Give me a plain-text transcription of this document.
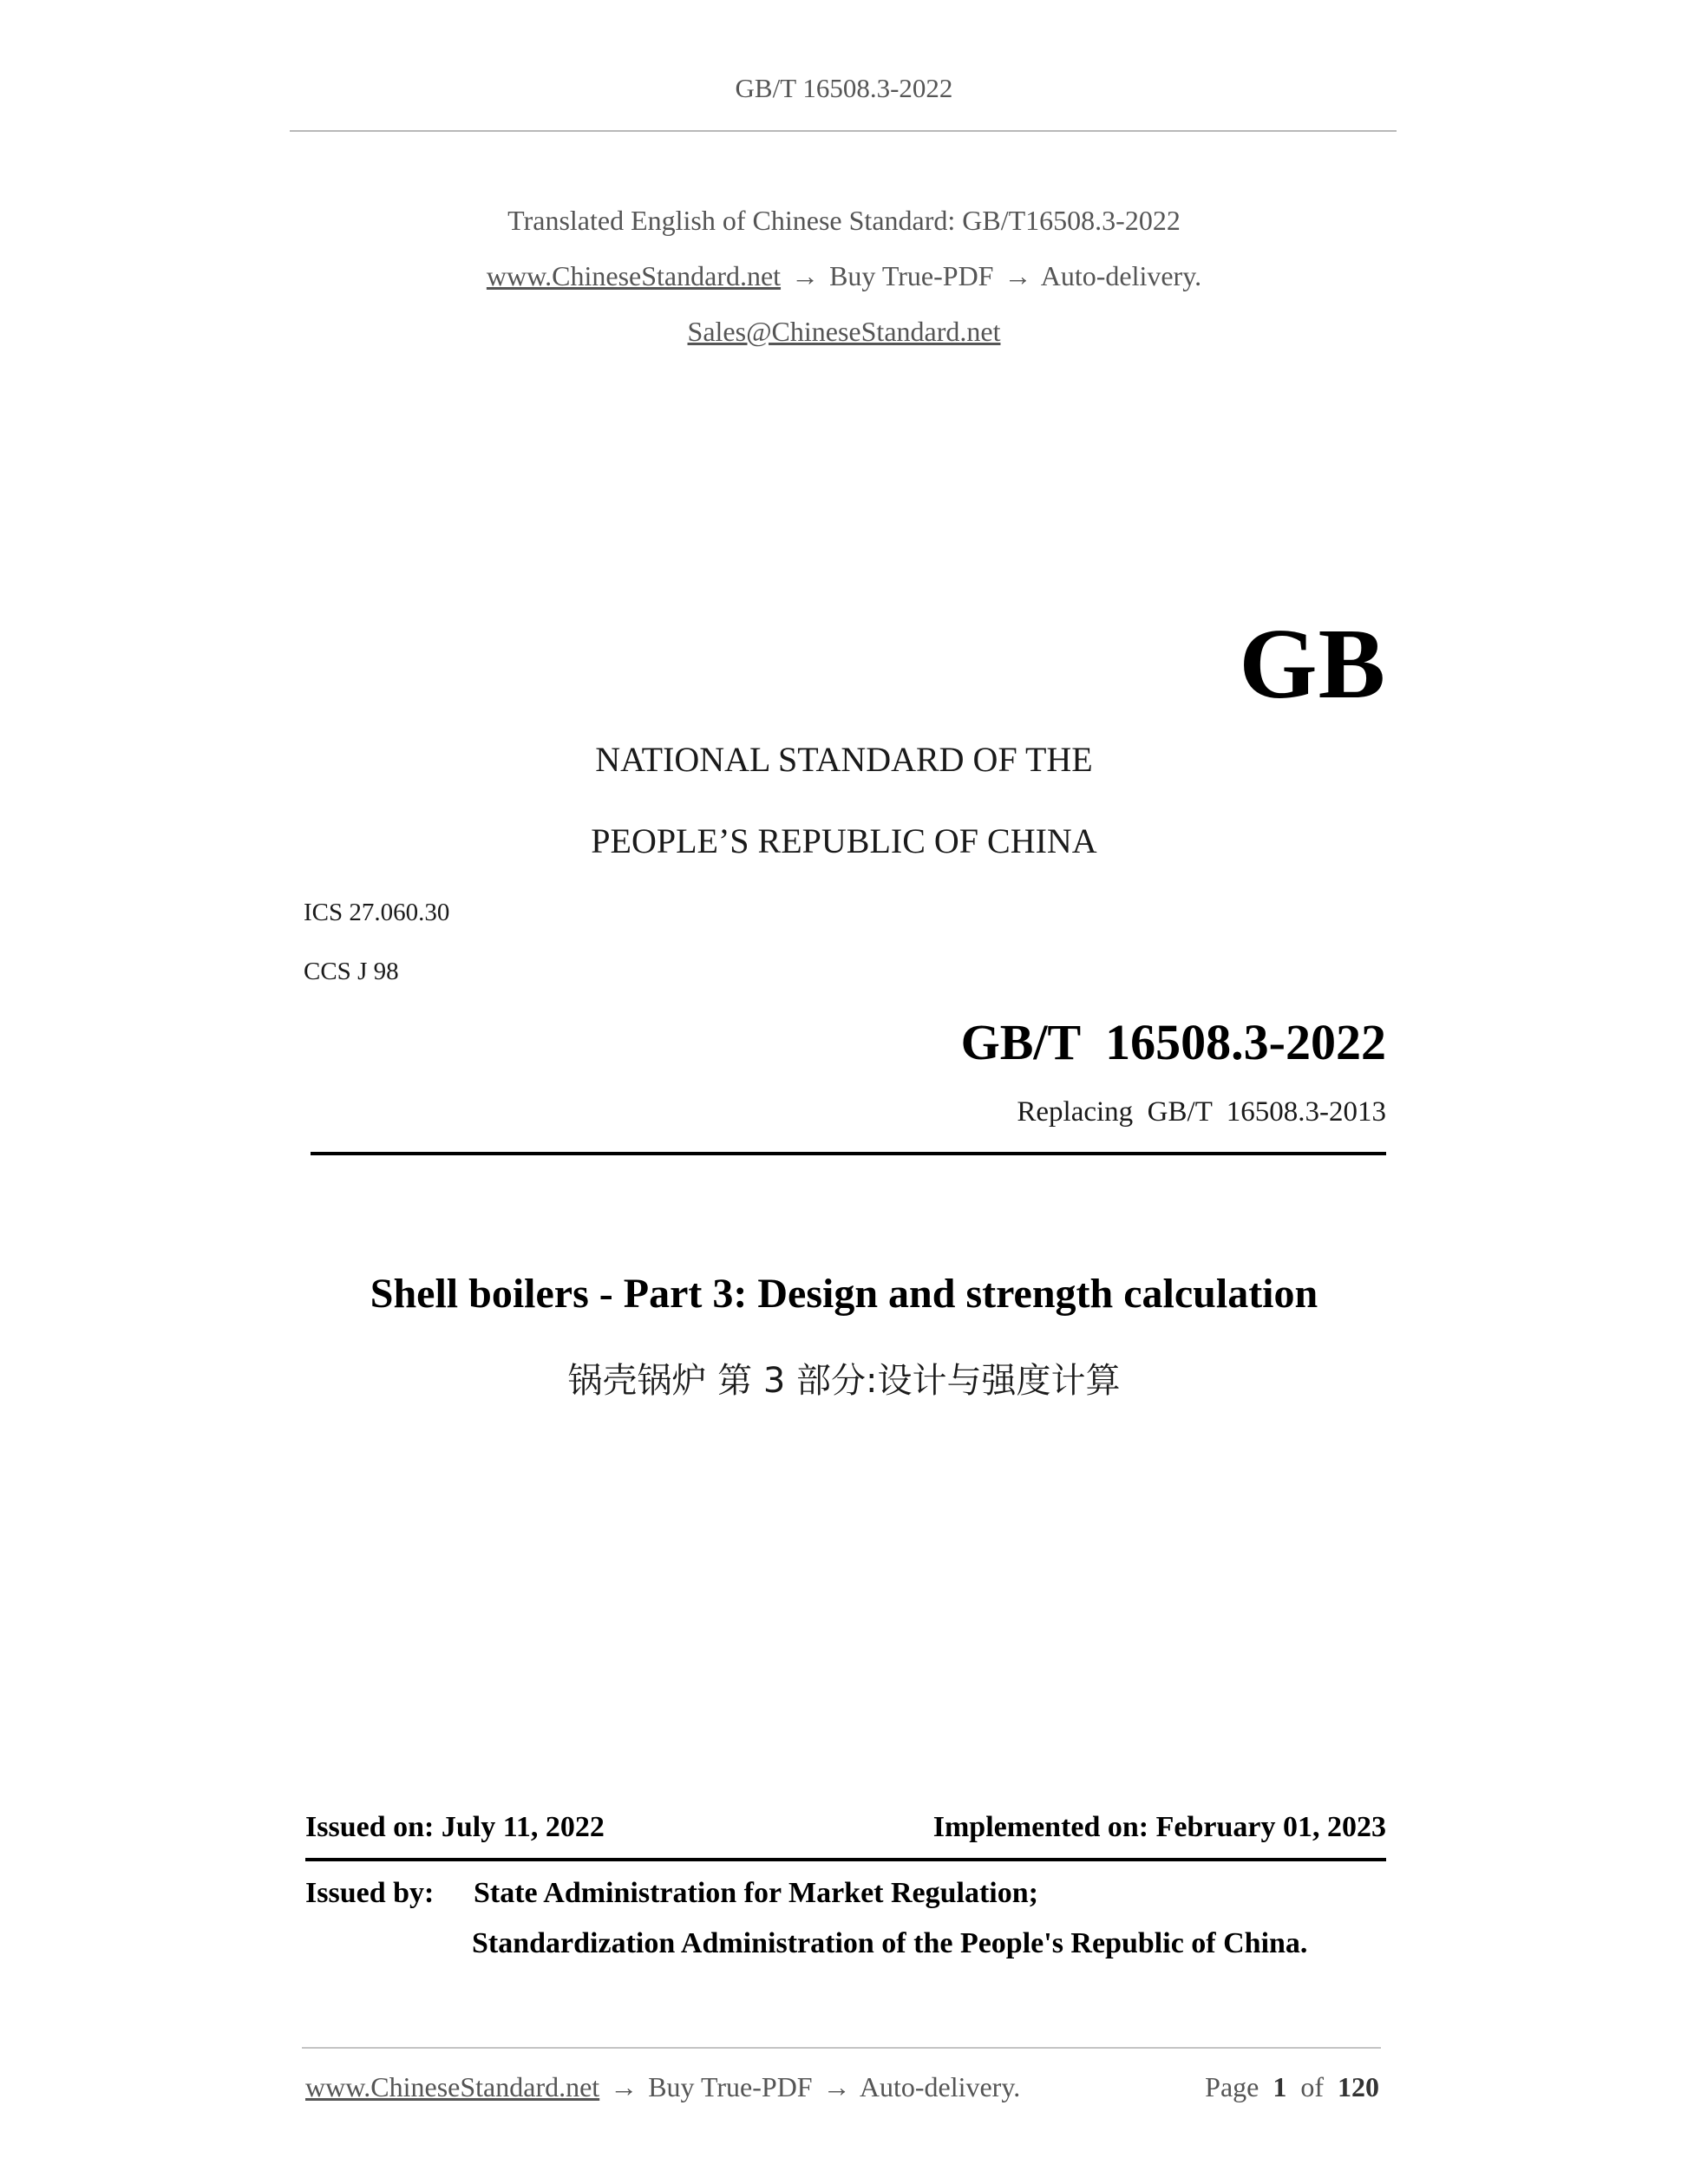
GB/T 16508.3-2022
Translated English of Chinese Standard: GB/T16508.3-2022
www.ChineseStandard.net → Buy True-PDF → Auto-delivery.
Sales@ChineseStandard.net
GB
NATIONAL STANDARD OF THE
PEOPLE’S REPUBLIC OF CHINA
ICS 27.060.30
CCS J 98
GB/T  16508.3-2022
Replacing  GB/T  16508.3-2013
Shell boilers - Part 3: Design and strength calculation
锅壳锅炉 第 3 部分:设计与强度计算
Issued on: July 11, 2022	Implemented on: February 01, 2023
Issued by: State Administration for Market Regulation;
Standardization Administration of the People's Republic of China.
www.ChineseStandard.net → Buy True-PDF → Auto-delivery.	Page 1 of 120
